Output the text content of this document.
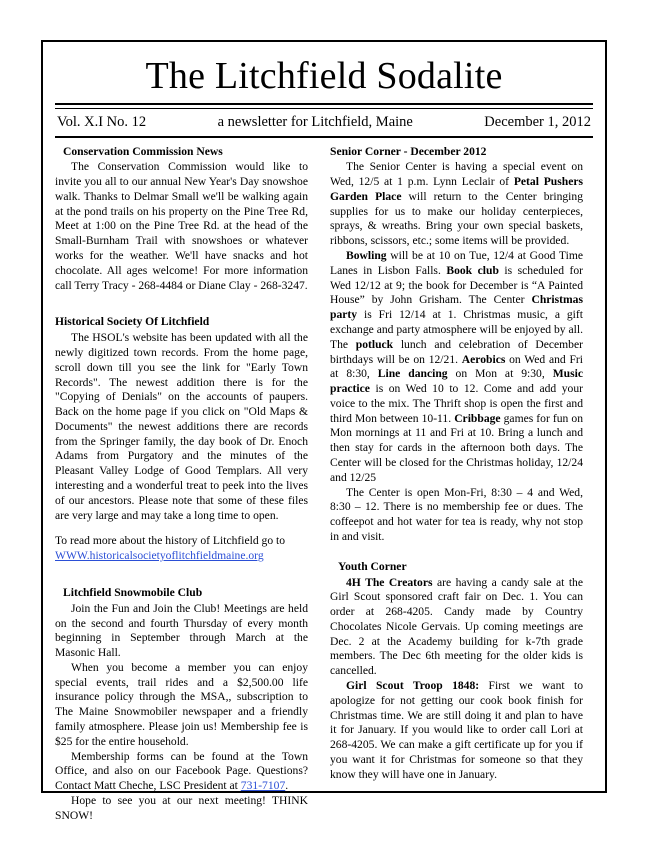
The Litchfield Sodalite
Vol. X.I No. 12	a newsletter for Litchfield, Maine	December 1, 2012
Conservation Commission News

The Conservation Commission would like to invite you all to our annual New Year's Day snowshoe walk. Thanks to Delmar Small we'll be walking again at the pond trails on his property on the Pine Tree Rd, Meet at 1:00 on the Pine Tree Rd. at the head of the Small-Burnham Trail with snowshoes or whatever works for the weather. We'll have snacks and hot chocolate. All ages welcome! For more information call Terry Tracy - 268-4484 or Diane Clay - 268-3247.

Historical Society Of Litchfield

The HSOL's website has been updated with all the newly digitized town records. From the home page, scroll down till you see the link for "Early Town Records". The newest addition there is for the "Copying of Denials" on the accounts of paupers. Back on the home page if you click on "Old Maps & Documents" the newest additions there are records from the Springer family, the day book of Dr. Enoch Adams from Purgatory and the minutes of the Pleasant Valley Lodge of Good Templars. All very interesting and a wonderful treat to peek into the lives of our ancestors. Please note that some of these files are very large and may take a long time to open.

To read more about the history of Litchfield go to

WWW.historicalsocietyoflitchfieldmaine.org

Litchfield Snowmobile Club

Join the Fun and Join the Club! Meetings are held on the second and fourth Thursday of every month beginning in September through March at the Masonic Hall.

When you become a member you can enjoy special events, trail rides and a $2,500.00 life insurance policy through the MSA,, subscription to The Maine Snowmobiler newspaper and a friendly family atmosphere. Please join us! Membership fee is $25 for the entire household.

Membership forms can be found at the Town Office, and also on our Facebook Page. Questions? Contact Matt Cheche, LSC President at 731-7107.

Hope to see you at our next meeting! THINK SNOW!

Senior Corner - December 2012

The Senior Center is having a special event on Wed, 12/5 at 1 p.m. Lynn Leclair of Petal Pushers Garden Place will return to the Center bringing supplies for us to make our holiday centerpieces, sprays, & wreaths. Bring your own special baskets, ribbons, scissors, etc.; some items will be provided.

Bowling will be at 10 on Tue, 12/4 at Good Time Lanes in Lisbon Falls. Book club is scheduled for Wed 12/12 at 9; the book for December is “A Painted House” by John Grisham. The Center Christmas party is Fri 12/14 at 1. Christmas music, a gift exchange and party atmosphere will be enjoyed by all. The potluck lunch and celebration of December birthdays will be on 12/21. Aerobics on Wed and Fri at 8:30, Line dancing on Mon at 9:30, Music practice is on Wed 10 to 12. Come and add your voice to the mix. The Thrift shop is open the first and third Mon between 10-11. Cribbage games for fun on Mon mornings at 11 and Fri at 10. Bring a lunch and then stay for cards in the afternoon both days. The Center will be closed for the Christmas holiday, 12/24 and 12/25

The Center is open Mon-Fri, 8:30 – 4 and Wed, 8:30 – 12. There is no membership fee or dues. The coffeepot and hot water for tea is ready, why not stop in and visit.

Youth Corner

4H The Creators are having a candy sale at the Girl Scout sponsored craft fair on Dec. 1. You can order at 268-4205. Candy made by Country Chocolates Nicole Gervais. Up coming meetings are Dec. 2 at the Academy building for k-7th grade members. The Dec 6th meeting for the older kids is cancelled.

Girl Scout Troop 1848: First we want to apologize for not getting our cook book finish for Christmas time. We are still doing it and plan to have it for January. If you would like to order call Lori at 268-4205. We can make a gift certificate up for you if you want it for Christmas for someone so that they know they will have one in January.
